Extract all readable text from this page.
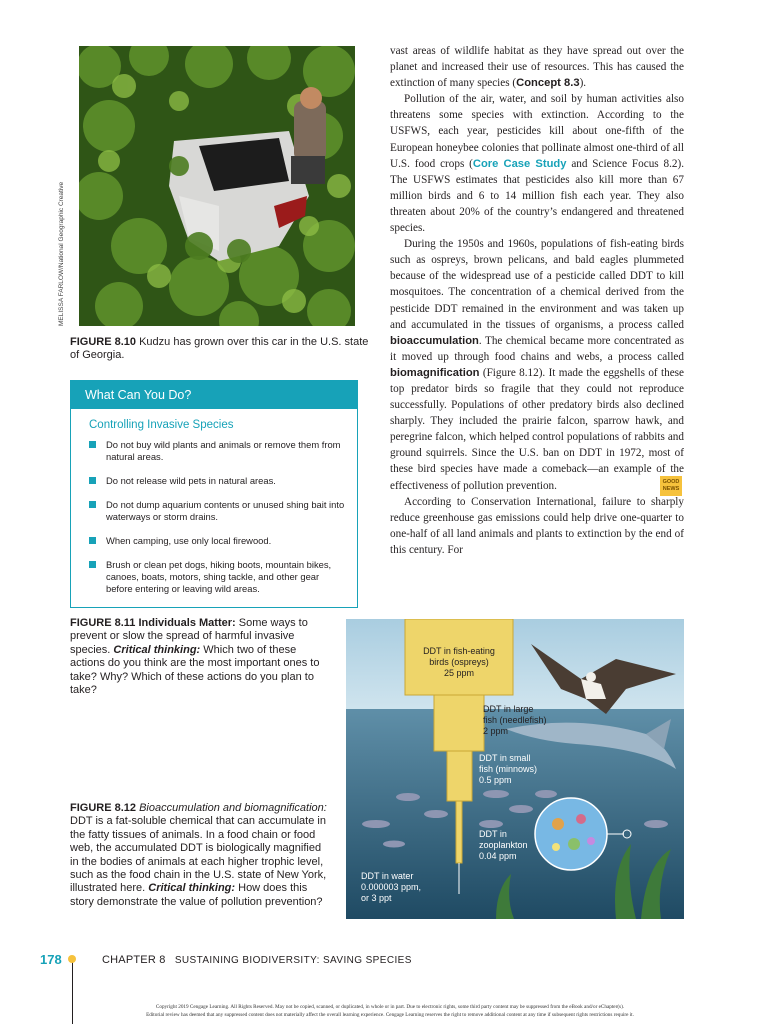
MELISSA FARLOW/National Geographic Creative
FIGURE 8.10 Kudzu has grown over this car in the U.S. state of Georgia.
What Can You Do?
Controlling Invasive Species
Do not buy wild plants and animals or remove them from natural areas.
Do not release wild pets in natural areas.
Do not dump aquarium contents or unused shing bait into waterways or storm drains.
When camping, use only local firewood.
Brush or clean pet dogs, hiking boots, mountain bikes, canoes, boats, motors, shing tackle, and other gear before entering or leaving wild areas.
FIGURE 8.11 Individuals Matter: Some ways to prevent or slow the spread of harmful invasive species. Critical thinking: Which two of these actions do you think are the most important ones to take? Why? Which of these actions do you plan to take?
FIGURE 8.12 Bioaccumulation and biomagnification: DDT is a fat-soluble chemical that can accumulate in the fatty tissues of animals. In a food chain or food web, the accumulated DDT is biologically magnified in the bodies of animals at each higher trophic level, such as the food chain in the U.S. state of New York, illustrated here. Critical thinking: How does this story demonstrate the value of pollution prevention?

vast areas of wildlife habitat as they have spread out over the planet and increased their use of resources. This has caused the extinction of many species (Concept 8.3).

Pollution of the air, water, and soil by human activities also threatens some species with extinction. According to the USFWS, each year, pesticides kill about one-fifth of the European honeybee colonies that pollinate almost one-third of all U.S. food crops (Core Case Study and Science Focus 8.2). The USFWS estimates that pesticides also kill more than 67 million birds and 6 to 14 million fish each year. They also threaten about 20% of the country’s endangered and threatened species.

During the 1950s and 1960s, populations of fish-eating birds such as ospreys, brown pelicans, and bald eagles plummeted because of the widespread use of a pesticide called DDT to kill mosquitoes. The concentration of a chemical derived from the pesticide DDT remained in the environment and was taken up and accumulated in the tissues of organisms, a process called bioaccumulation. The chemical became more concentrated as it moved up through food chains and webs, a process called biomagnification (Figure 8.12). It made the eggshells of these top predator birds so fragile that they could not reproduce successfully. Populations of other predatory birds also declined sharply. They included the prairie falcon, sparrow hawk, and peregrine falcon, which helped control populations of rabbits and ground squirrels. Since the U.S. ban on DDT in 1972, most of these bird species have made a comeback—an example of the effectiveness of pollution prevention.

According to Conservation International, failure to sharply reduce greenhouse gas emissions could help drive one-quarter to one-half of all land animals and plants to extinction by the end of this century. For

GOOD
NEWS
DDT in fish-eating
birds (ospreys)
25 ppm
DDT in large
fish (needlefish)
2 ppm
DDT in small
fish (minnows)
0.5 ppm
DDT in
zooplankton
0.04 ppm
DDT in water
0.000003 ppm,
or 3 ppt
178	CHAPTER 8 SUSTAINING BIODIVERSITY: SAVING SPECIES
Copyright 2019 Cengage Learning. All Rights Reserved. May not be copied, scanned, or duplicated, in whole or in part. Due to electronic rights, some third party content may be suppressed from the eBook and/or eChapter(s).
Editorial review has deemed that any suppressed content does not materially affect the overall learning experience. Cengage Learning reserves the right to remove additional content at any time if subsequent rights restrictions require it.
